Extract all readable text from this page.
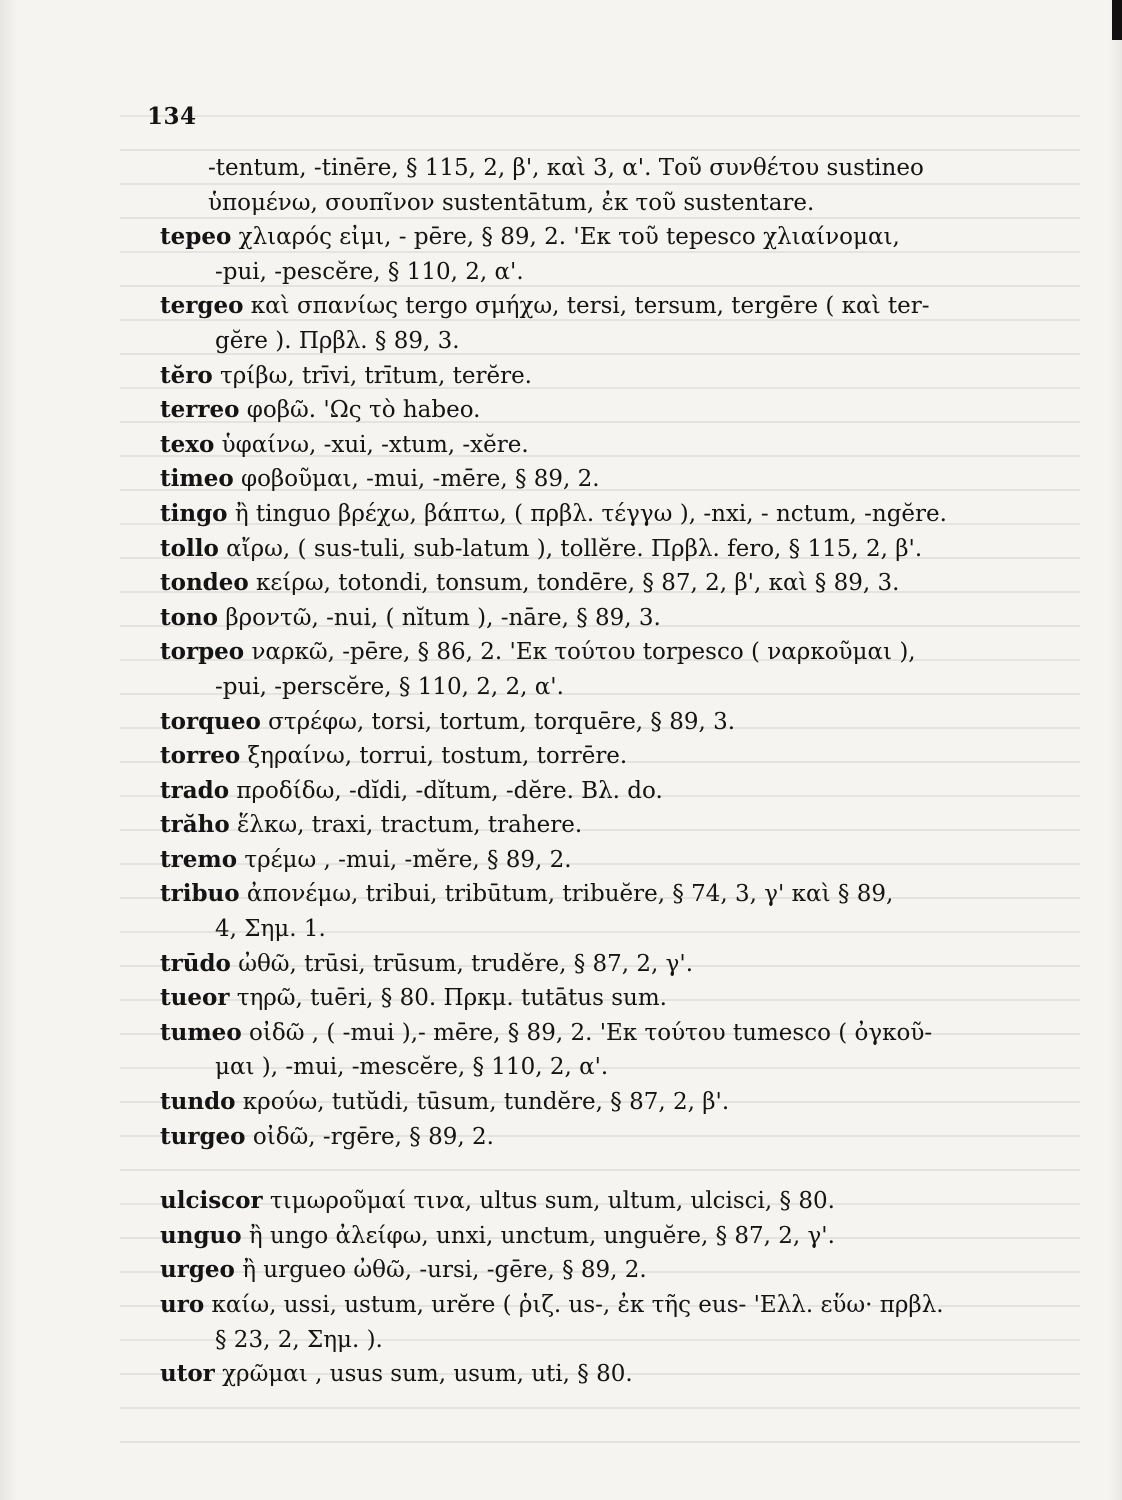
134
-tentum, -tinēre, § 115, 2, β', καὶ 3, α'. Τοῦ συνθέτου sustineo
ὑπομένω, σουπῖνον sustentātum, ἐκ τοῦ sustentare.
tepeo χλιαρός εἰμι, - pēre, § 89, 2. 'Εκ τοῦ tepesco χλιαίνομαι,
-pui, -pescĕre, § 110, 2, α'.
tergeo καὶ σπανίως tergo σμήχω, tersi, tersum, tergēre ( καὶ ter-
gĕre ). Πρβλ. § 89, 3.
tĕro τρίβω, trīvi, trītum, terĕre.
terreo φοβῶ. 'Ως τὸ habeo.
texo ὑφαίνω, -xui, -xtum, -xĕre.
timeo φοβοῦμαι, -mui, -mēre, § 89, 2.
tingo ἢ tinguo βρέχω, βάπτω, ( πρβλ. τέγγω ), -nxi, - nctum, -ngĕre.
tollo αἴρω, ( sus-tuli, sub-latum ), tollĕre. Πρβλ. fero, § 115, 2, β'.
tondeo κείρω, totondi, tonsum, tondēre, § 87, 2, β', καὶ § 89, 3.
tono βροντῶ, -nui, ( nĭtum ), -nāre, § 89, 3.
torpeo ναρκῶ, -pēre, § 86, 2. 'Εκ τούτου torpesco ( ναρκοῦμαι ),
-pui, -perscĕre, § 110, 2, 2, α'.
torqueo στρέφω, torsi, tortum, torquēre, § 89, 3.
torreo ξηραίνω, torrui, tostum, torrēre.
trado προδίδω, -dĭdi, -dĭtum, -dĕre. Βλ. do.
trăho ἕλκω, traxi, tractum, trahere.
tremo τρέμω , -mui, -mĕre, § 89, 2.
tribuo ἀπονέμω, tribui, tribūtum, tribuĕre, § 74, 3, γ' καὶ § 89,
4, Σημ. 1.
trūdo ὠθῶ, trūsi, trūsum, trudĕre, § 87, 2, γ'.
tueor τηρῶ, tuēri, § 80. Πρκμ. tutātus sum.
tumeo οἰδῶ , ( -mui ),- mēre, § 89, 2. 'Εκ τούτου tumesco ( ὀγκοῦ-
μαι ), -mui, -mescĕre, § 110, 2, α'.
tundo κρούω, tutŭdi, tūsum, tundĕre, § 87, 2, β'.
turgeo οἰδῶ, -rgēre, § 89, 2.
ulciscor τιμωροῦμαί τινα, ultus sum, ultum, ulcisci, § 80.
unguo ἢ ungo ἀλείφω, unxi, unctum, unguĕre, § 87, 2, γ'.
urgeo ἢ urgueo ὠθῶ, -ursi, -gēre, § 89, 2.
uro καίω, ussi, ustum, urĕre ( ῥιζ. us-, ἐκ τῆς eus- 'Ελλ. εὕω· πρβλ.
§ 23, 2, Σημ. ).
utor χρῶμαι , usus sum, usum, uti, § 80.
